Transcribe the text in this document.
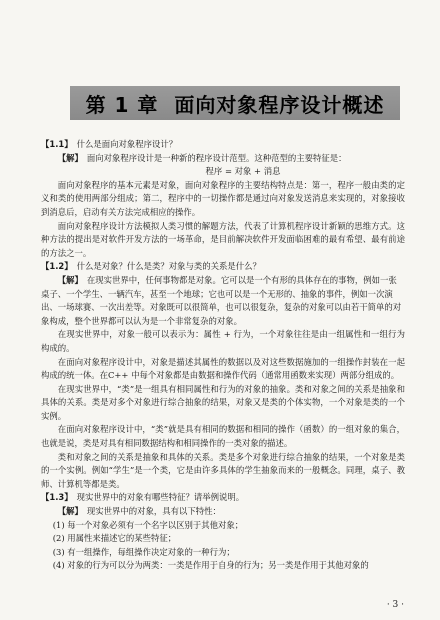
第 1 章 面向对象程序设计概述

【1.1】 什么是面向对象程序设计？

【解】 面向对象程序设计是一种新的程序设计范型。这种范型的主要特征是：

程序 = 对象 + 消息

面向对象程序的基本元素是对象，面向对象程序的主要结构特点是：第一，程序一般由类的定义和类的使用两部分组成；第二，程序中的一切操作都是通过向对象发送消息来实现的，对象接收到消息后，启动有关方法完成相应的操作。

面向对象程序设计方法模拟人类习惯的解题方法，代表了计算机程序设计新颖的思维方式。这种方法的提出是对软件开发方法的一场革命，是目前解决软件开发面临困难的最有希望、最有前途的方法之一。

【1.2】 什么是对象？什么是类？对象与类的关系是什么？

【解】 在现实世界中，任何事物都是对象。它可以是一个有形的具体存在的事物，例如一张桌子、一个学生、一辆汽车，甚至一个地球；它也可以是一个无形的、抽象的事件，例如一次演出、一场球赛、一次出差等。对象既可以很简单，也可以很复杂，复杂的对象可以由若干简单的对象构成，整个世界都可以认为是一个非常复杂的对象。

在现实世界中，对象一般可以表示为：属性 + 行为，一个对象往往是由一组属性和一组行为构成的。

在面向对象程序设计中，对象是描述其属性的数据以及对这些数据施加的一组操作封装在一起构成的统一体。在C++ 中每个对象都是由数据和操作代码（通常用函数来实现）两部分组成的。

在现实世界中，“类”是一组具有相同属性和行为的对象的抽象。类和对象之间的关系是抽象和具体的关系。类是对多个对象进行综合抽象的结果，对象又是类的个体实物，一个对象是类的一个实例。

在面向对象程序设计中，“类”就是具有相同的数据和相同的操作（函数）的一组对象的集合，也就是说，类是对具有相同数据结构和相同操作的一类对象的描述。

类和对象之间的关系是抽象和具体的关系。类是多个对象进行综合抽象的结果，一个对象是类的一个实例。例如“学生”是一个类，它是由许多具体的学生抽象而来的一般概念。同理，桌子、教师、计算机等都是类。

【1.3】 现实世界中的对象有哪些特征？请举例说明。

【解】 现实世界中的对象，具有以下特性：

(1) 每一个对象必须有一个名字以区别于其他对象；

(2) 用属性来描述它的某些特征；

(3) 有一组操作，每组操作决定对象的一种行为；

(4) 对象的行为可以分为两类：一类是作用于自身的行为；另一类是作用于其他对象的

· 3 ·
